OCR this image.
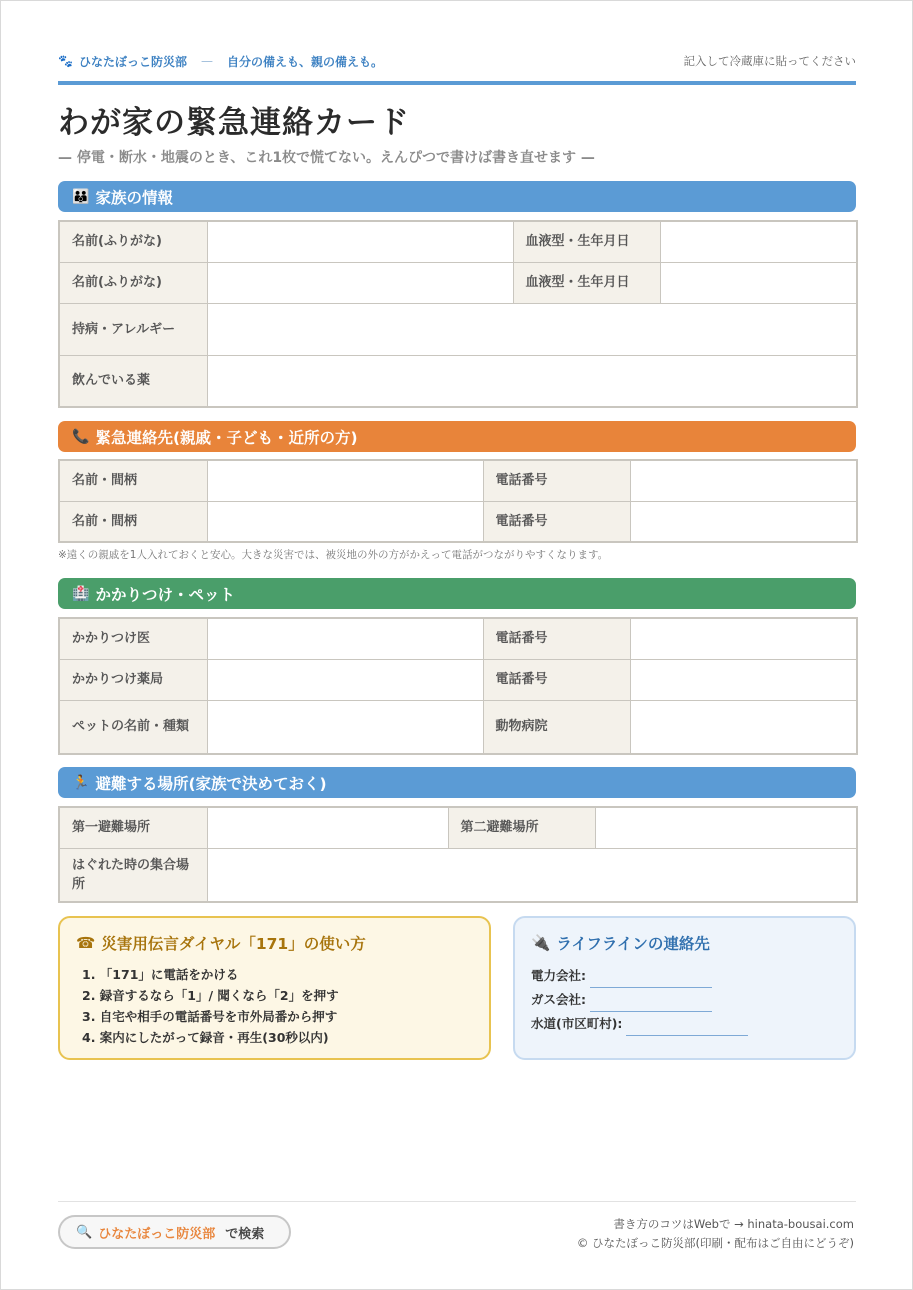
🐾 ひなたぼっこ防災部 — 自分の備えも、親の備えも。	記入して冷蔵庫に貼ってください
わが家の緊急連絡カード
— 停電・断水・地震のとき、これ1枚で慌てない。えんぴつで書けば書き直せます —
👪 家族の情報
名前(ふりがな)		血液型・生年月日	
名前(ふりがな)		血液型・生年月日	
持病・アレルギー			
飲んでいる薬			
📞 緊急連絡先(親戚・子ども・近所の方)
名前・間柄		電話番号	
名前・間柄		電話番号	
※遠くの親戚を1人入れておくと安心。大きな災害では、被災地の外の方がかえって電話がつながりやすくなります。
🏥 かかりつけ・ペット
かかりつけ医		電話番号	
かかりつけ薬局		電話番号	
ペットの名前・種類		動物病院	
🏃 避難する場所(家族で決めておく)
第一避難場所		第二避難場所	
はぐれた時の集合場所			
☎ 災害用伝言ダイヤル「171」の使い方
1. 「171」に電話をかける
2. 録音するなら「1」/ 聞くなら「2」を押す
3. 自宅や相手の電話番号を市外局番から押す
4. 案内にしたがって録音・再生(30秒以内)
🔌 ライフラインの連絡先
電力会社:
ガス会社:
水道(市区町村):
🔍 ひなたぼっこ防災部 で検索
書き方のコツはWebで → hinata-bousai.com
© ひなたぼっこ防災部(印刷・配布はご自由にどうぞ)
